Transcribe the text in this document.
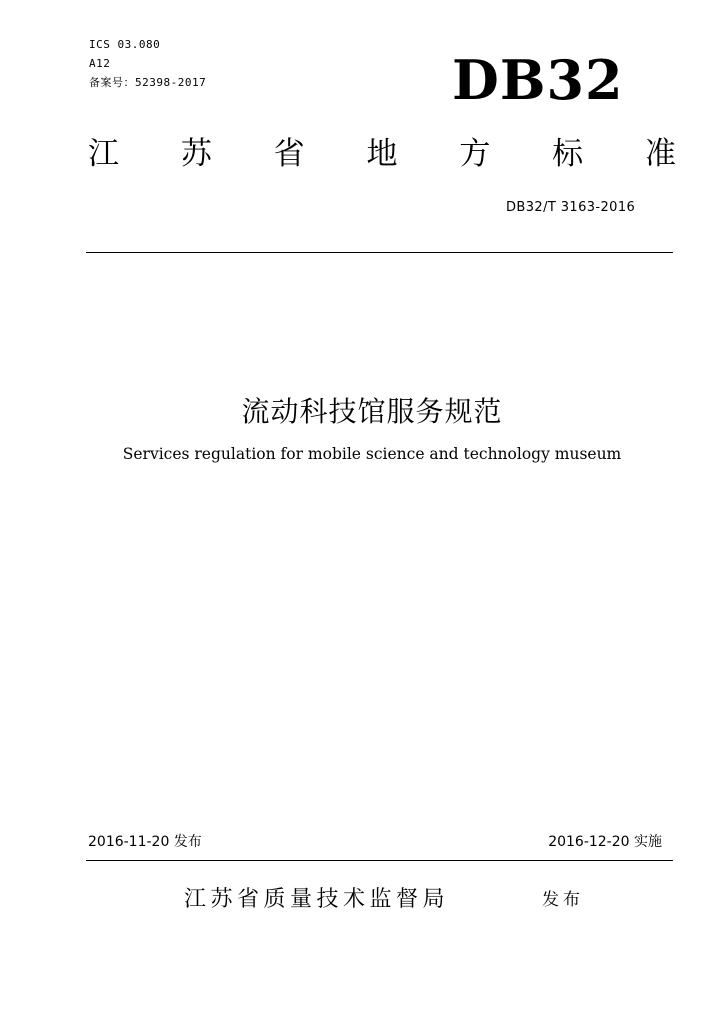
ICS 03.080
A12
备案号：52398-2017	DB32
江 苏 省 地 方 标 准
DB32/T 3163-2016
流动科技馆服务规范
Services regulation for mobile science and technology museum
2016-11-20 发布	2016-12-20 实施
江苏省质量技术监督局	发布
